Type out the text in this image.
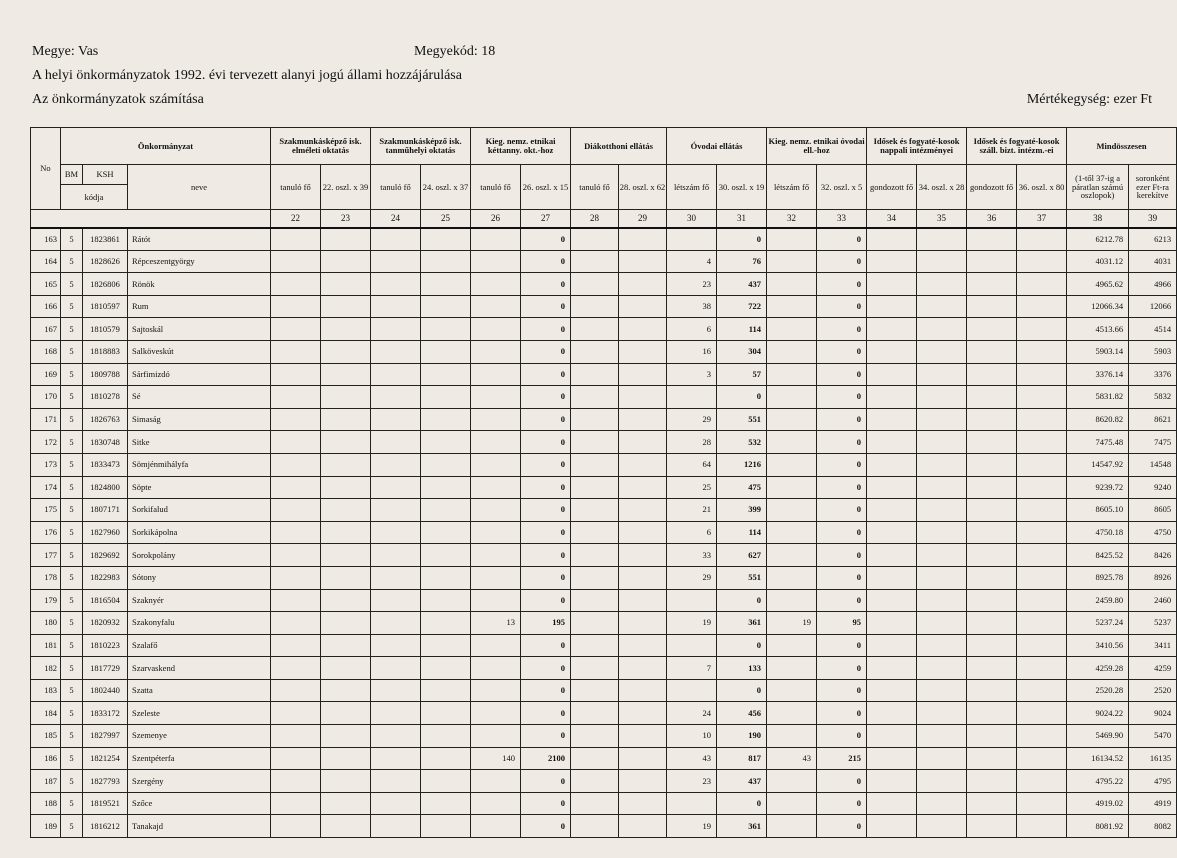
Megye: Vas	Megyekód: 18
A helyi önkormányzatok 1992. évi tervezett alanyi jogú állami hozzájárulása
Az önkormányzatok számítása	Mértékegység: ezer Ft
No	Önkormányzat			Szakmunkásképző isk. elméleti oktatás		Szakmunkásképző isk. tanműhelyi oktatás		Kieg. nemz. etnikai kéttanny. okt.-hoz		Diákotthoni ellátás		Óvodai ellátás		Kieg. nemz. etnikai óvodai ell.-hoz		Idősek és fogyaté-kosok nappali intézményei		Idősek és fogyaté-kosok száll. bizt. intézm.-ei		Mindösszesen	
	BM	KSH	neve	tanuló fő	22. oszl. x 39	tanuló fő	24. oszl. x 37	tanuló fő	26. oszl. x 15	tanuló fő	28. oszl. x 62	létszám fő	30. oszl. x 19	létszám fő	32. oszl. x 5	gondozott fő	34. oszl. x 28	gondozott fő	36. oszl. x 80	(1-től 37-ig a páratlan számú oszlopok)	soronként ezer Ft-ra kerekítve
	kódja																				
				22	23	24	25	26	27	28	29	30	31	32	33	34	35	36	37	38	39
163	5	1823861	Rátót						0				0		0					6212.78	6213
164	5	1828626	Répceszentgyörgy						0			4	76		0					4031.12	4031
165	5	1826806	Rönök						0			23	437		0					4965.62	4966
166	5	1810597	Rum						0			38	722		0					12066.34	12066
167	5	1810579	Sajtoskál						0			6	114		0					4513.66	4514
168	5	1818883	Salköveskút						0			16	304		0					5903.14	5903
169	5	1809788	Sárfimizdó						0			3	57		0					3376.14	3376
170	5	1810278	Sé						0				0		0					5831.82	5832
171	5	1826763	Simaság						0			29	551		0					8620.82	8621
172	5	1830748	Sitke						0			28	532		0					7475.48	7475
173	5	1833473	Sömjénmihályfa						0			64	1216		0					14547.92	14548
174	5	1824800	Söpte						0			25	475		0					9239.72	9240
175	5	1807171	Sorkifalud						0			21	399		0					8605.10	8605
176	5	1827960	Sorkikápolna						0			6	114		0					4750.18	4750
177	5	1829692	Sorokpolány						0			33	627		0					8425.52	8426
178	5	1822983	Sótony						0			29	551		0					8925.78	8926
179	5	1816504	Szaknyér						0				0		0					2459.80	2460
180	5	1820932	Szakonyfalu					13	195			19	361	19	95					5237.24	5237
181	5	1810223	Szalafő						0				0		0					3410.56	3411
182	5	1817729	Szarvaskend						0			7	133		0					4259.28	4259
183	5	1802440	Szatta						0				0		0					2520.28	2520
184	5	1833172	Szeleste						0			24	456		0					9024.22	9024
185	5	1827997	Szemenye						0			10	190		0					5469.90	5470
186	5	1821254	Szentpéterfa					140	2100			43	817	43	215					16134.52	16135
187	5	1827793	Szergény						0			23	437		0					4795.22	4795
188	5	1819521	Szőce						0				0		0					4919.02	4919
189	5	1816212	Tanakajd						0			19	361		0					8081.92	8082
